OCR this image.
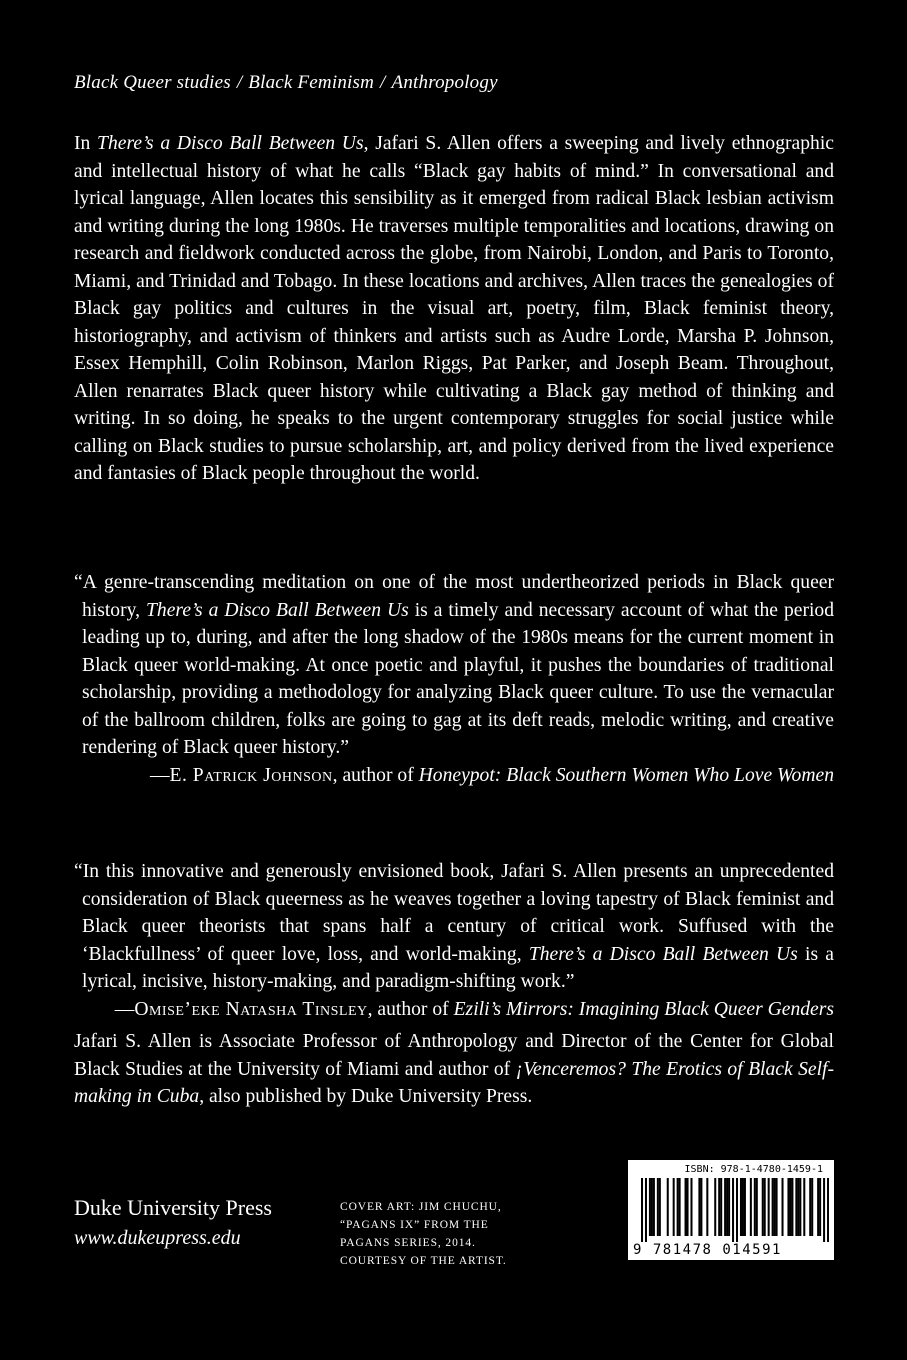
Black Queer studies / Black Feminism / Anthropology

In There’s a Disco Ball Between Us, Jafari S. Allen offers a sweeping and lively ethnographic and intellectual history of what he calls “Black gay habits of mind.” In conversational and lyrical language, Allen locates this sensibility as it emerged from radical Black lesbian activism and writing during the long 1980s. He traverses multiple temporalities and locations, drawing on research and fieldwork conducted across the globe, from Nairobi, London, and Paris to Toronto, Miami, and Trinidad and Tobago. In these locations and archives, Allen traces the genealogies of Black gay politics and cultures in the visual art, poetry, film, Black feminist theory, historiography, and activism of thinkers and artists such as Audre Lorde, Marsha P. Johnson, Essex Hemphill, Colin Robinson, Marlon Riggs, Pat Parker, and Joseph Beam. Throughout, Allen renarrates Black queer history while cultivating a Black gay method of thinking and writing. In so doing, he speaks to the urgent contemporary struggles for social justice while calling on Black studies to pursue scholarship, art, and policy derived from the lived experience and fantasies of Black people throughout the world.

“A genre-transcending meditation on one of the most undertheorized periods in Black queer history, There’s a Disco Ball Between Us is a timely and necessary account of what the period leading up to, during, and after the long shadow of the 1980s means for the current moment in Black queer world-making. At once poetic and playful, it pushes the boundaries of traditional scholarship, providing a methodology for analyzing Black queer culture. To use the vernacular of the ballroom children, folks are going to gag at its deft reads, melodic writing, and creative rendering of Black queer history.”
—E. Patrick Johnson, author of Honeypot: Black Southern Women Who Love Women

“In this innovative and generously envisioned book, Jafari S. Allen presents an unprecedented consideration of Black queerness as he weaves together a loving tapestry of Black feminist and Black queer theorists that spans half a century of critical work. Suffused with the ‘Blackfullness’ of queer love, loss, and world-making, There’s a Disco Ball Between Us is a lyrical, incisive, history-making, and paradigm-shifting work.”
—Omise’eke Natasha Tinsley, author of Ezili’s Mirrors: Imagining Black Queer Genders

Jafari S. Allen is Associate Professor of Anthropology and Director of the Center for Global Black Studies at the University of Miami and author of ¡Venceremos? The Erotics of Black Self-making in Cuba, also published by Duke University Press.

Duke University Press
www.dukeupress.edu
COVER ART: JIM CHUCHU, “PAGANS IX” FROM THE PAGANS SERIES, 2014. COURTESY OF THE ARTIST.
ISBN: 978-1-4780-1459-1
9 781478 014591
